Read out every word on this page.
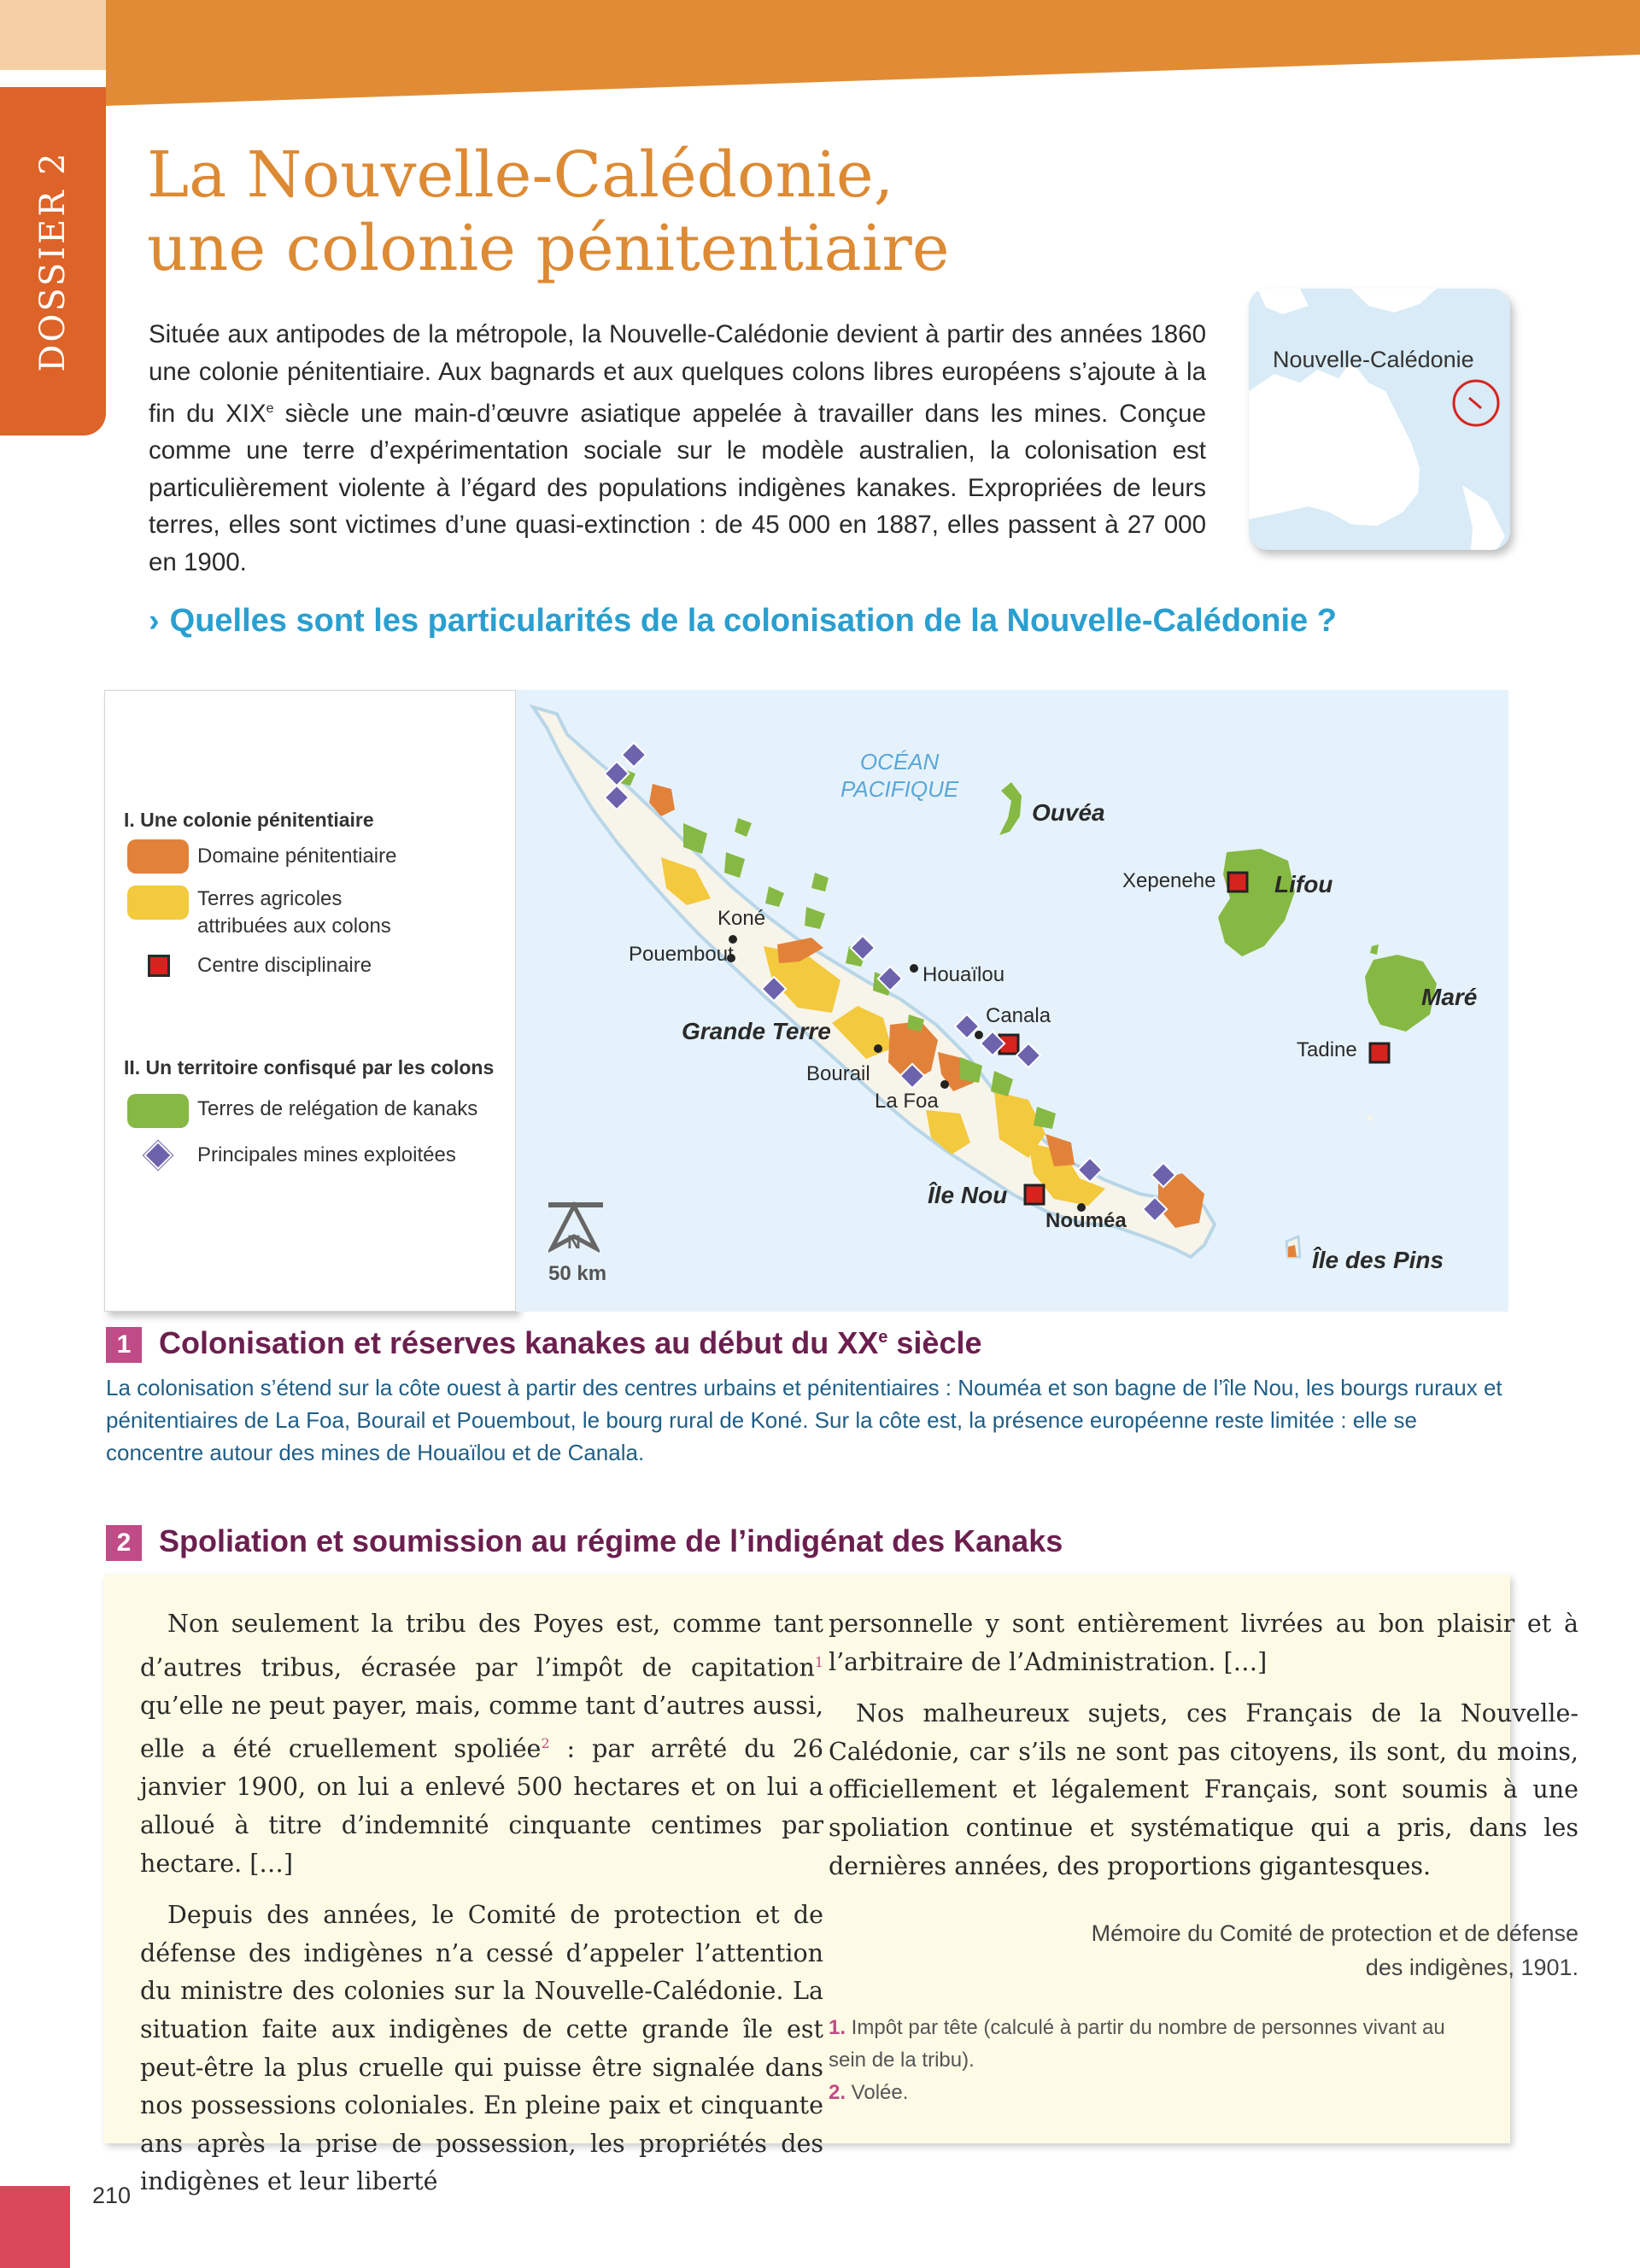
DOSSIER 2 La Nouvelle-Calédonie,
une colonie pénitentiaire

Située aux antipodes de la métropole, la Nouvelle-Calédonie devient à partir des années 1860 une colonie pénitentiaire. Aux bagnards et aux quelques colons libres européens s’ajoute à la fin du XIXe siècle une main-d’œuvre asiatique appelée à travailler dans les mines. Conçue comme une terre d’expérimentation sociale sur le modèle australien, la colonisation est particulièrement violente à l’égard des populations indigènes kanakes. Expropriées de leurs terres, elles sont victimes d’une quasi-extinction : de 45 000 en 1887, elles passent à 27 000 en 1900.

Nouvelle-Calédonie
› Quelles sont les particularités de la colonisation de la Nouvelle-Calédonie ?
I. Une colonie pénitentiaire
Domaine pénitentiaire
Terres agricoles
attribuées aux colons
Centre disciplinaire
II. Un territoire confisqué par les colons
Terres de relégation de kanaks
Principales mines exploitées
OCÉAN
PACIFIQUE
Koné
Pouembout
Houaïlou
Canala
Grande Terre
Bourail
La Foa
Île Nou
Nouméa
Île des Pins
Ouvéa
Xepenehe Lifou
Maré
Tadine
N
50 km
1 Colonisation et réserves kanakes au début du XXe siècle

La colonisation s’étend sur la côte ouest à partir des centres urbains et pénitentiaires : Nouméa et son bagne de l’île Nou, les bourgs ruraux et pénitentiaires de La Foa, Bourail et Pouembout, le bourg rural de Koné. Sur la côte est, la présence européenne reste limitée : elle se concentre autour des mines de Houaïlou et de Canala.

2 Spoliation et soumission au régime de l’indigénat des Kanaks

Non seulement la tribu des Poyes est, comme tant d’autres tribus, écrasée par l’impôt de capitation$^1$ qu’elle ne peut payer, mais, comme tant d’autres aussi, elle a été cruellement spoliée$^2$ : par arrêté du 26 janvier 1900, on lui a enlevé 500 hectares et on lui a alloué à titre d’indemnité cinquante centimes par hectare. […]

Depuis des années, le Comité de protection et de défense des indigènes n’a cessé d’appeler l’attention du ministre des colonies sur la Nouvelle-Calédonie. La situation faite aux indigènes de cette grande île est peut-être la plus cruelle qui puisse être signalée dans nos possessions coloniales. En pleine paix et cinquante ans après la prise de possession, les propriétés des indigènes et leur liberté

personnelle y sont entièrement livrées au bon plaisir et à l’arbitraire de l’Administration. […]

Nos malheureux sujets, ces Français de la Nouvelle-Calédonie, car s’ils ne sont pas citoyens, ils sont, du moins, officiellement et légalement Français, sont soumis à une spoliation continue et systématique qui a pris, dans les dernières années, des proportions gigantesques.

Mémoire du Comité de protection et de défense
des indigènes, 1901.
1. Impôt par tête (calculé à partir du nombre de personnes vivant au sein de la tribu).
2. Volée.
210
